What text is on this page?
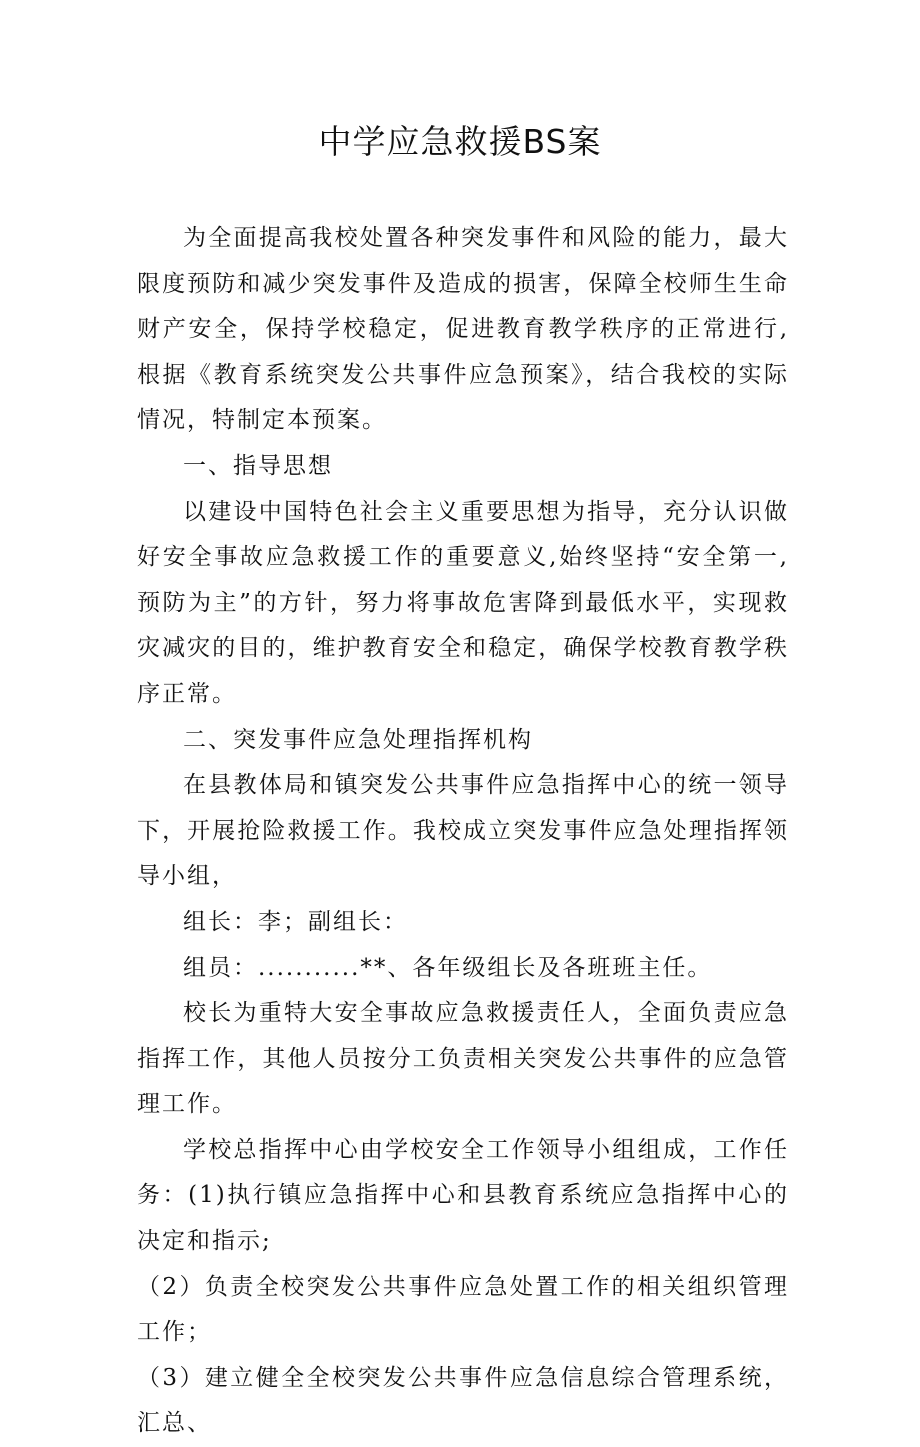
中学应急救援BS案

为全面提高我校处置各种突发事件和风险的能力，最大限度预防和减少突发事件及造成的损害，保障全校师生生命财产安全，保持学校稳定，促进教育教学秩序的正常进行,根据《教育系统突发公共事件应急预案》，结合我校的实际情况，特制定本预案。

一、指导思想

以建设中国特色社会主义重要思想为指导，充分认识做好安全事故应急救援工作的重要意义,始终坚持“安全第一,预防为主”的方针，努力将事故危害降到最低水平，实现救灾减灾的目的，维护教育安全和稳定，确保学校教育教学秩序正常。

二、突发事件应急处理指挥机构

在县教体局和镇突发公共事件应急指挥中心的统一领导下，开展抢险救援工作。我校成立突发事件应急处理指挥领导小组，

组长：李；副组长：

组员：...........**、各年级组长及各班班主任。

校长为重特大安全事故应急救援责任人，全面负责应急指挥工作，其他人员按分工负责相关突发公共事件的应急管理工作。

学校总指挥中心由学校安全工作领导小组组成，工作任务：(1)执行镇应急指挥中心和县教育系统应急指挥中心的决定和指示;

（2）负责全校突发公共事件应急处置工作的相关组织管理工作；

（3）建立健全全校突发公共事件应急信息综合管理系统，汇总、
